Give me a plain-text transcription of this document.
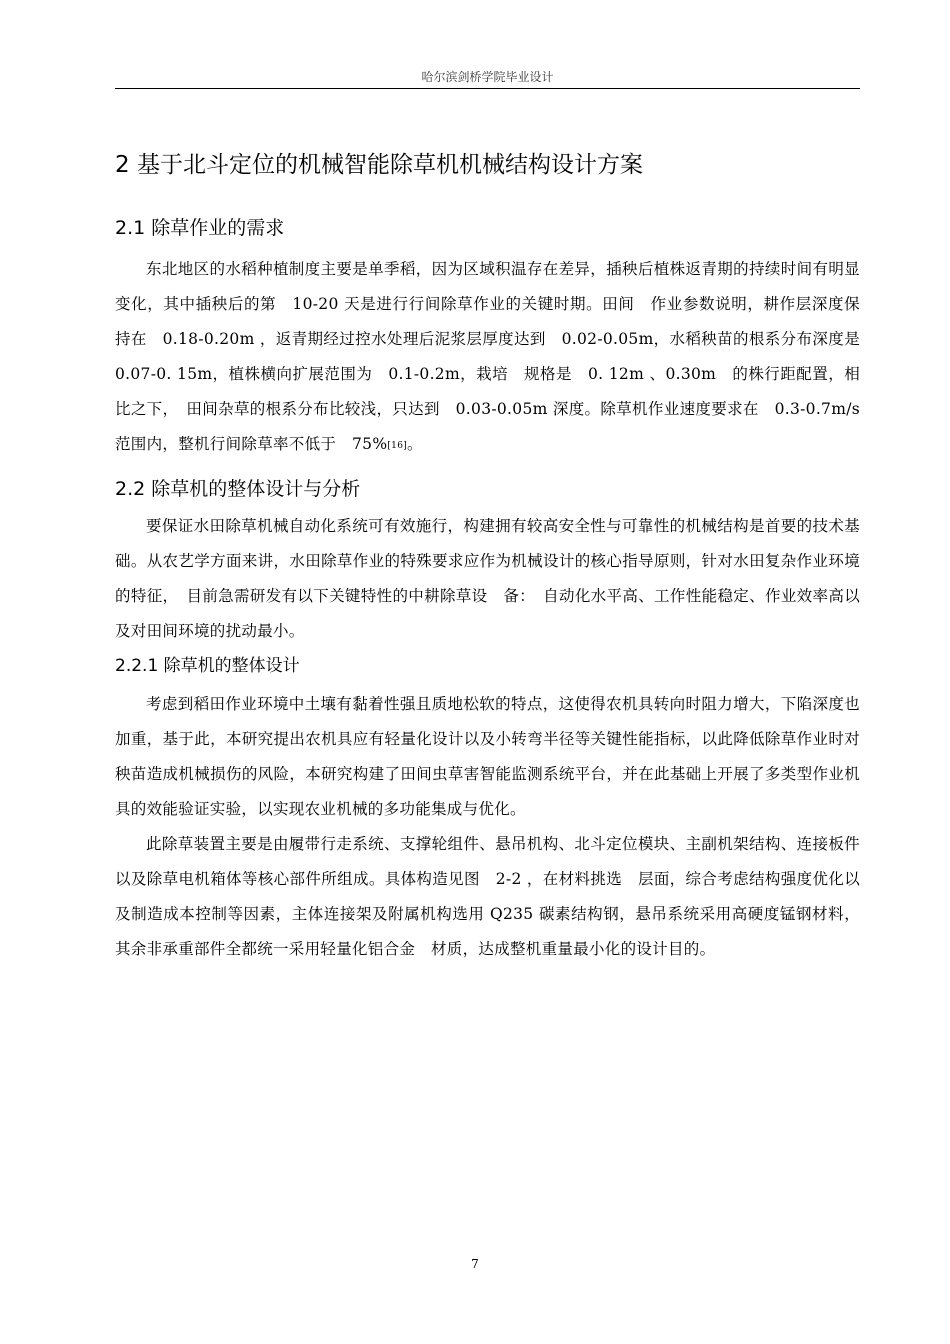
哈尔滨剑桥学院毕业设计
2 基于北斗定位的机械智能除草机机械结构设计方案
2.1 除草作业的需求

东北地区的水稻种植制度主要是单季稻，因为区域积温存在差异，插秧后植株返青期的持续时间有明显变化，其中插秧后的第　10-20 天是进行行间除草作业的关键时期。田间　作业参数说明，耕作层深度保持在　0.18-0.20m ，返青期经过控水处理后泥浆层厚度达到　0.02-0.05m，水稻秧苗的根系分布深度是　0.07-0. 15m，植株横向扩展范围为　0.1-0.2m，栽培　规格是　0. 12m 、0.30m　的株行距配置，相比之下，　田间杂草的根系分布比较浅，只达到　0.03-0.05m 深度。除草机作业速度要求在　0.3-0.7m/s 范围内，整机行间除草率不低于　75%[16]。

2.2 除草机的整体设计与分析

要保证水田除草机械自动化系统可有效施行，构建拥有较高安全性与可靠性的机械结构是首要的技术基础。从农艺学方面来讲，水田除草作业的特殊要求应作为机械设计的核心指导原则，针对水田复杂作业环境的特征，　目前急需研发有以下关键特性的中耕除草设　备：　自动化水平高、工作性能稳定、作业效率高以及对田间环境的扰动最小。

2.2.1 除草机的整体设计

考虑到稻田作业环境中土壤有黏着性强且质地松软的特点，这使得农机具转向时阻力增大，下陷深度也加重，基于此，本研究提出农机具应有轻量化设计以及小转弯半径等关键性能指标，以此降低除草作业时对秧苗造成机械损伤的风险，本研究构建了田间虫草害智能监测系统平台，并在此基础上开展了多类型作业机具的效能验证实验，以实现农业机械的多功能集成与优化。

此除草装置主要是由履带行走系统、支撑轮组件、悬吊机构、北斗定位模块、主副机架结构、连接板件以及除草电机箱体等核心部件所组成。具体构造见图　2-2 ，在材料挑选　层面，综合考虑结构强度优化以及制造成本控制等因素，主体连接架及附属机构选用 Q235 碳素结构钢，悬吊系统采用高硬度锰钢材料，其余非承重部件全都统一采用轻量化铝合金　材质，达成整机重量最小化的设计目的。

7
